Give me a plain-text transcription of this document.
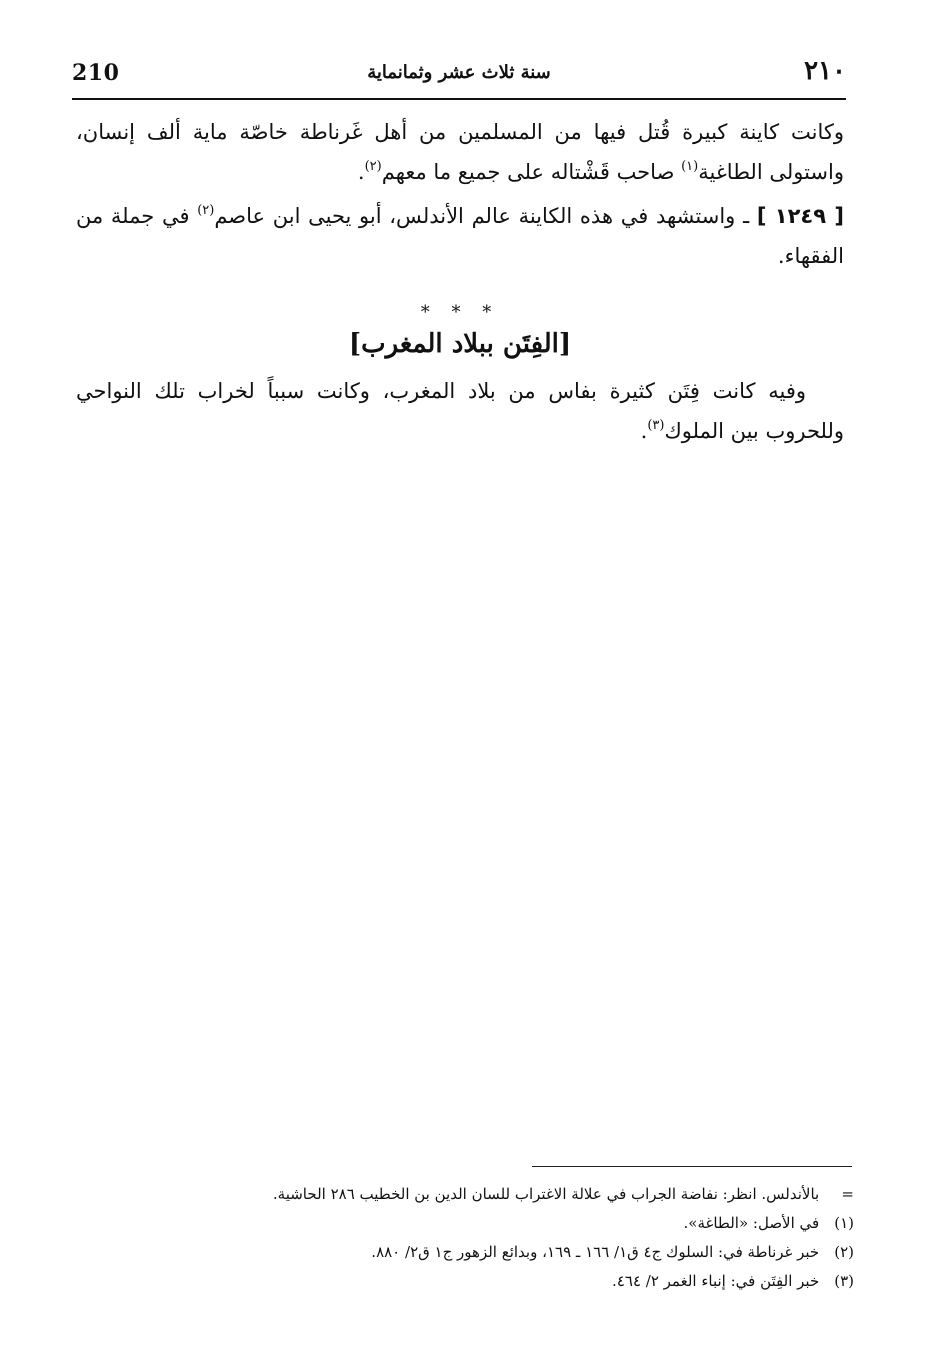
210	سنة ثلاث عشر وثمانماية	٢١٠

وكانت كاينة كبيرة قُتل فيها من المسلمين من أهل غَرناطة خاصّة ماية ألف إنسان، واستولى الطاغية$^{(١)}$ صاحب قَشْتاله على جميع ما معهم$^{(٢)}$.

[ ١٢٤٩ ] ـ واستشهد في هذه الكاينة عالم الأندلس، أبو يحيى ابن عاصم$^{(٢)}$ في جملة من الفقهاء.

* * *
[الفِتَن ببلاد المغرب]

وفيه كانت فِتَن كثيرة بفاس من بلاد المغرب، وكانت سبباً لخراب تلك النواحي وللحروب بين الملوك$^{(٣)}$.

= بالأندلس. انظر: نفاضة الجراب في علالة الاغتراب للسان الدين بن الخطيب ٢٨٦ الحاشية.

(١) في الأصل: «الطاغة».

(٢) خبر غرناطة في: السلوك ج٤ ق١/ ١٦٦ ـ ١٦٩، وبدائع الزهور ج١ ق٢/ ٨٨٠.

(٣) خبر الفِتَن في: إنباء الغمر ٢/ ٤٦٤.
